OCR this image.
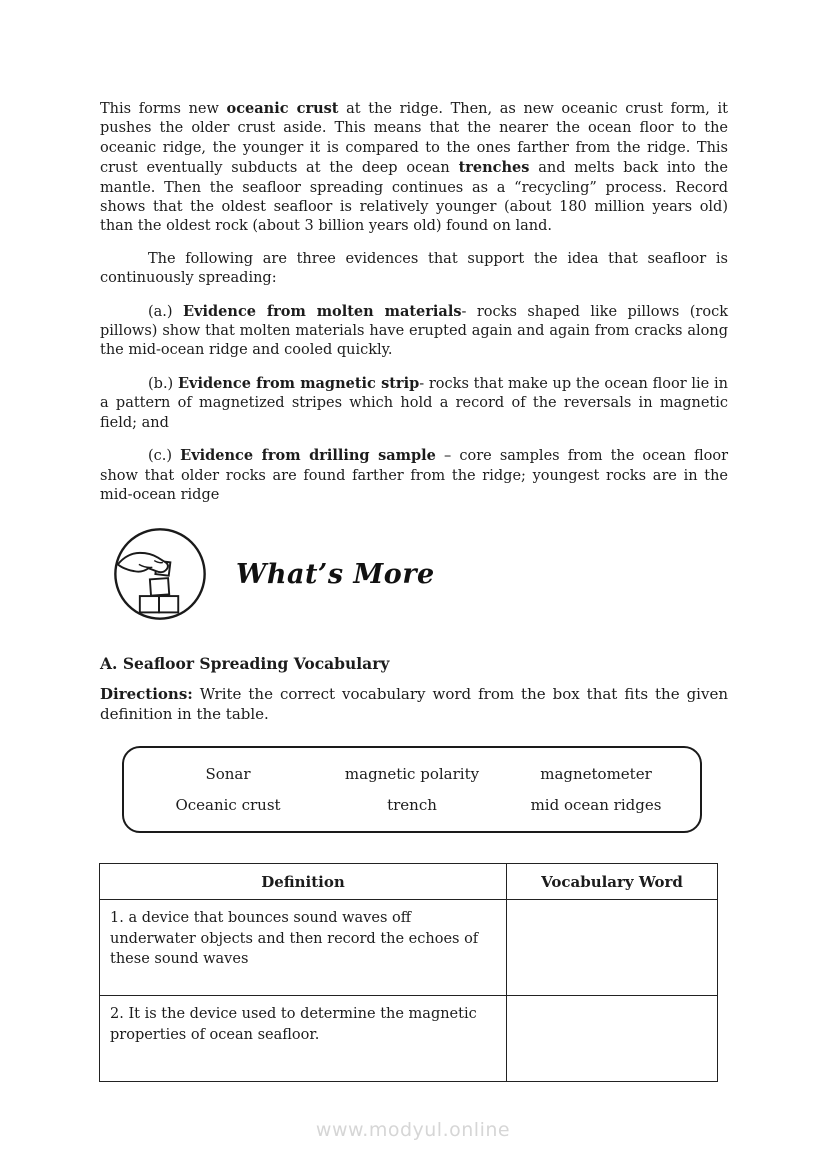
This forms new oceanic crust at the ridge. Then, as new oceanic crust form, it pushes the older crust aside. This means that the nearer the ocean floor to the oceanic ridge, the younger it is compared to the ones farther from the ridge. This crust eventually subducts at the deep ocean trenches and melts back into the mantle. Then the seafloor spreading continues as a “recycling” process. Record shows that the oldest seafloor is relatively younger (about 180 million years old) than the oldest rock (about 3 billion years old) found on land.

The following are three evidences that support the idea that seafloor is continuously spreading:

(a.) Evidence from molten materials- rocks shaped like pillows (rock pillows) show that molten materials have erupted again and again from cracks along the mid-ocean ridge and cooled quickly.

(b.) Evidence from magnetic strip- rocks that make up the ocean floor lie in a pattern of magnetized stripes which hold a record of the reversals in magnetic field; and

(c.) Evidence from drilling sample – core samples from the ocean floor show that older rocks are found farther from the ridge; youngest rocks are in the mid-ocean ridge

What’s More
A. Seafloor Spreading Vocabulary

Directions: Write the correct vocabulary word from the box that fits the given definition in the table.

Sonar	magnetic polarity	magnetometer
Oceanic crust	trench	mid ocean ridges
Definition	Vocabulary Word
1. a device that bounces sound waves off underwater objects and then record the echoes of these sound waves	
2. It is the device used to determine the magnetic properties of ocean seafloor.	
www.modyul.online
